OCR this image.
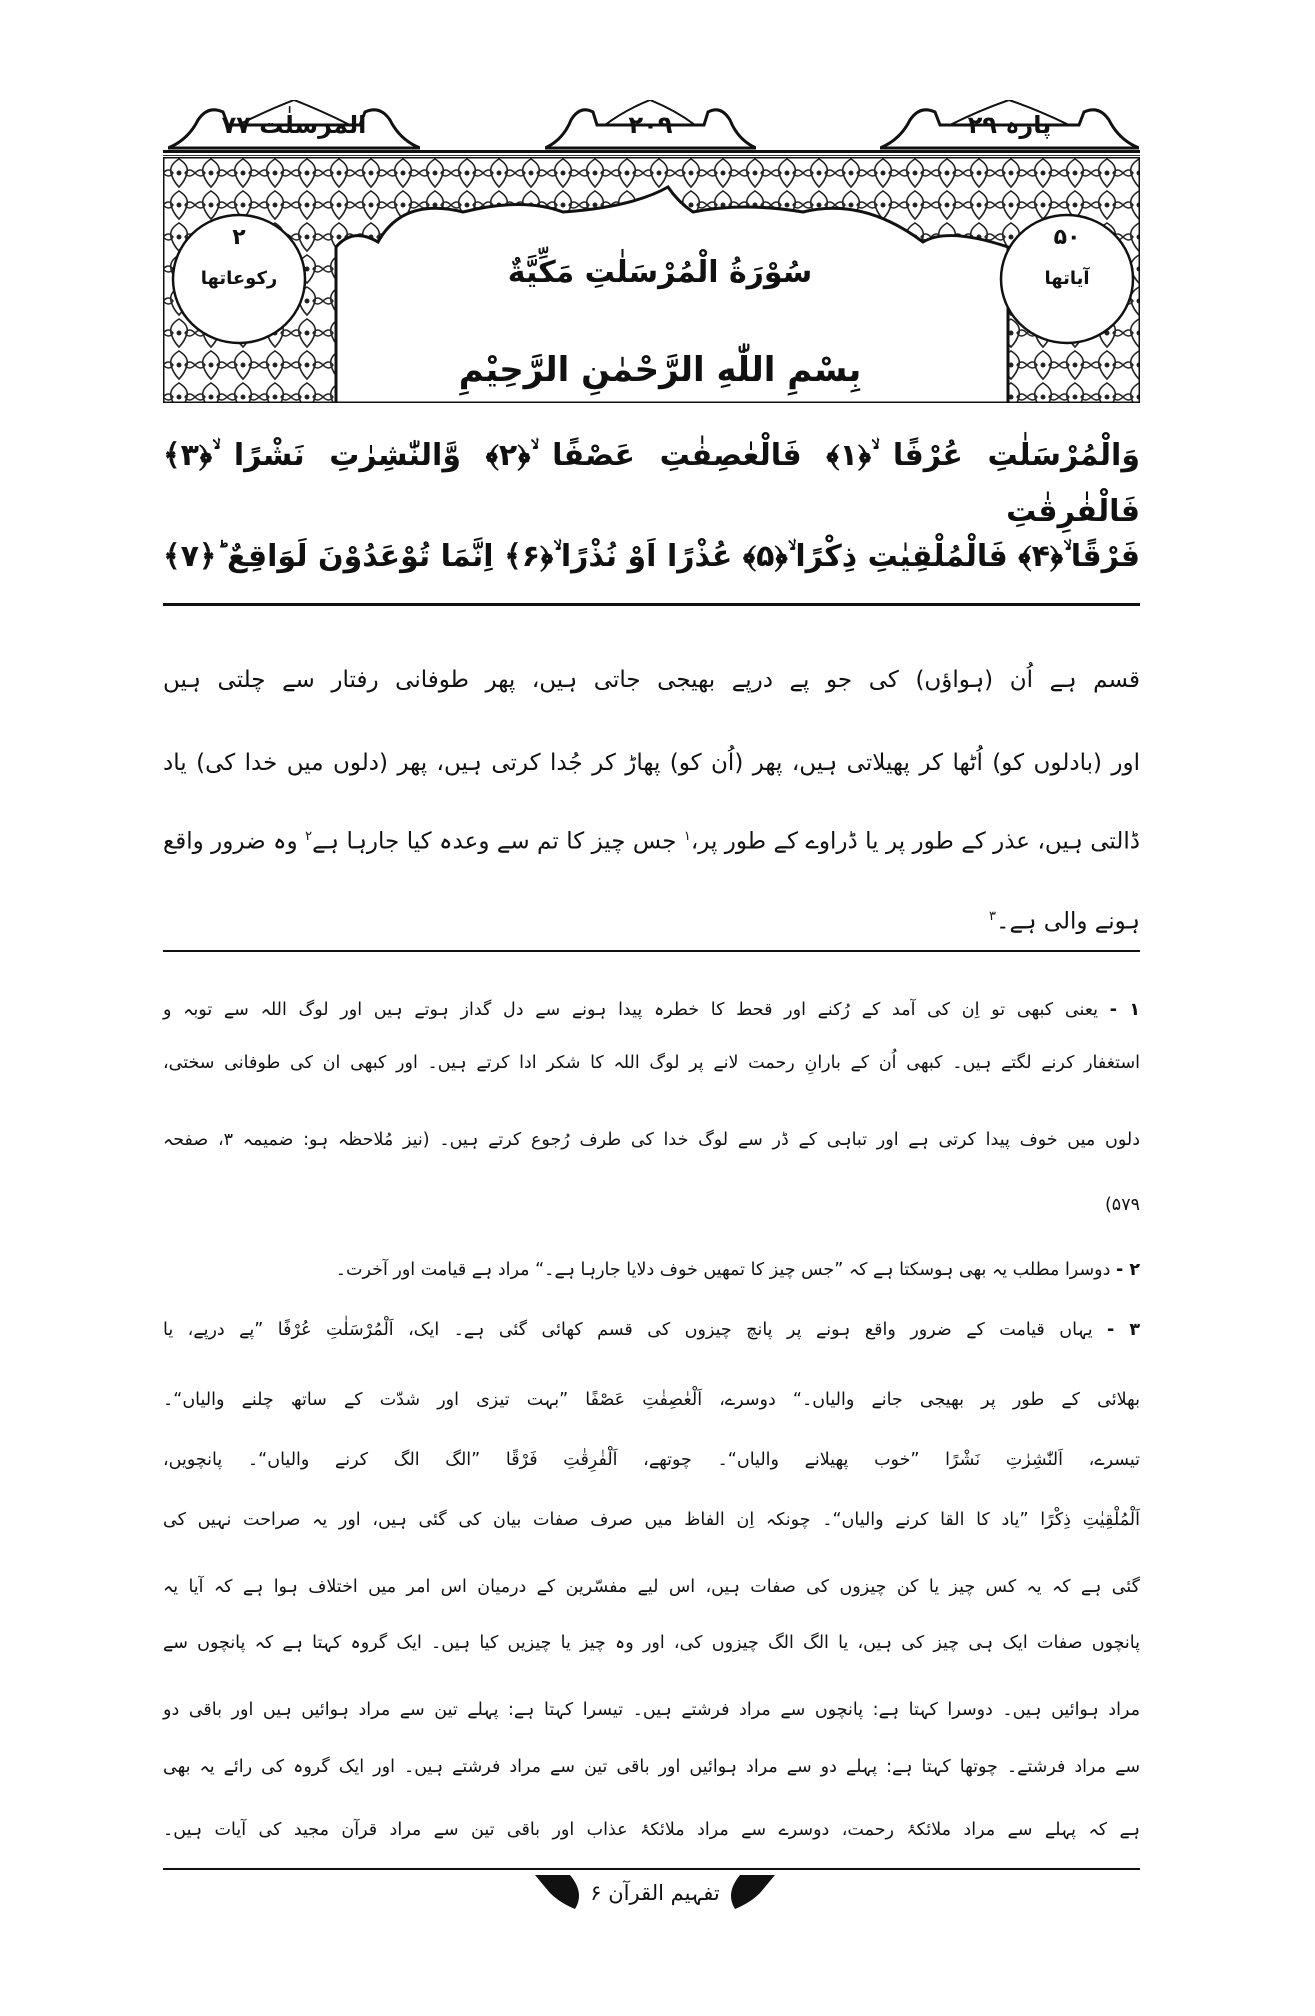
المرسلٰت ۷۷	۲۰۹	پارہ ۲۹
۲
رکوعاتها
۵۰
آیاتها
سُوْرَةُ الْمُرْسَلٰتِ مَكِّيَّةٌ
بِسْمِ اللّٰهِ الرَّحْمٰنِ الرَّحِيْمِ
وَالْمُرْسَلٰتِ عُرْفًا ۙ﴿۱﴾ فَالْعٰصِفٰتِ عَصْفًا ۙ﴿۲﴾ وَّالنّٰشِرٰتِ نَشْرًا ۙ﴿۳﴾ فَالْفٰرِقٰتِ
فَرْقًا ۙ﴿۴﴾ فَالْمُلْقِيٰتِ ذِكْرًا ۙ﴿۵﴾ عُذْرًا اَوْ نُذْرًا ۙ﴿۶﴾ اِنَّمَا تُوْعَدُوْنَ لَوَاقِعٌ ؕ﴿۷﴾
قسم ہے اُن (ہواؤں) کی جو پے درپے بھیجی جاتی ہیں، پھر طوفانی رفتار سے چلتی ہیں
اور (بادلوں کو) اُٹھا کر پھیلاتی ہیں، پھر (اُن کو) پھاڑ کر جُدا کرتی ہیں، پھر (دلوں میں خدا کی) یاد
ڈالتی ہیں، عذر کے طور پر یا ڈراوے کے طور پر،$^۱$ جس چیز کا تم سے وعدہ کیا جارہا ہے$^۲$ وہ ضرور واقع
ہونے والی ہے۔$^۳$
۱ - یعنی کبھی تو اِن کی آمد کے رُکنے اور قحط کا خطرہ پیدا ہونے سے دل گداز ہوتے ہیں اور لوگ اللہ سے توبہ و
استغفار کرنے لگتے ہیں۔ کبھی اُن کے بارانِ رحمت لانے پر لوگ اللہ کا شکر ادا کرتے ہیں۔ اور کبھی ان کی طوفانی سختی،
دلوں میں خوف پیدا کرتی ہے اور تباہی کے ڈر سے لوگ خدا کی طرف رُجوع کرتے ہیں۔ (نیز مُلاحظہ ہو: ضمیمہ ۳، صفحہ
۵۷۹)
۲ - دوسرا مطلب یہ بھی ہوسکتا ہے کہ ”جس چیز کا تمھیں خوف دلایا جارہا ہے۔“ مراد ہے قیامت اور آخرت۔
۳ - یہاں قیامت کے ضرور واقع ہونے پر پانچ چیزوں کی قسم کھائی گئی ہے۔ ایک، اَلْمُرْسَلٰتِ عُرْفًا ”پے درپے، یا
بھلائی کے طور پر بھیجی جانے والیاں۔“ دوسرے، اَلْعٰصِفٰتِ عَصْفًا ”بہت تیزی اور شدّت کے ساتھ چلنے والیاں“۔
تیسرے، اَلنّٰشِرٰتِ نَشْرًا ”خوب پھیلانے والیاں“۔ چوتھے، اَلْفٰرِقٰتِ فَرْقًا ”الگ الگ کرنے والیاں“۔ پانچویں،
اَلْمُلْقِيٰتِ ذِكْرًا ”یاد کا القا کرنے والیاں“۔ چونکہ اِن الفاظ میں صرف صفات بیان کی گئی ہیں، اور یہ صراحت نہیں کی
گئی ہے کہ یہ کس چیز یا کن چیزوں کی صفات ہیں، اس لیے مفسّرین کے درمیان اس امر میں اختلاف ہوا ہے کہ آیا یہ
پانچوں صفات ایک ہی چیز کی ہیں، یا الگ الگ چیزوں کی، اور وہ چیز یا چیزیں کیا ہیں۔ ایک گروہ کہتا ہے کہ پانچوں سے
مراد ہوائیں ہیں۔ دوسرا کہتا ہے: پانچوں سے مراد فرشتے ہیں۔ تیسرا کہتا ہے: پہلے تین سے مراد ہوائیں ہیں اور باقی دو
سے مراد فرشتے۔ چوتھا کہتا ہے: پہلے دو سے مراد ہوائیں اور باقی تین سے مراد فرشتے ہیں۔ اور ایک گروہ کی رائے یہ بھی
ہے کہ پہلے سے مراد ملائکۂ رحمت، دوسرے سے مراد ملائکۂ عذاب اور باقی تین سے مراد قرآن مجید کی آیات ہیں۔
تفہیم القرآن ۶
